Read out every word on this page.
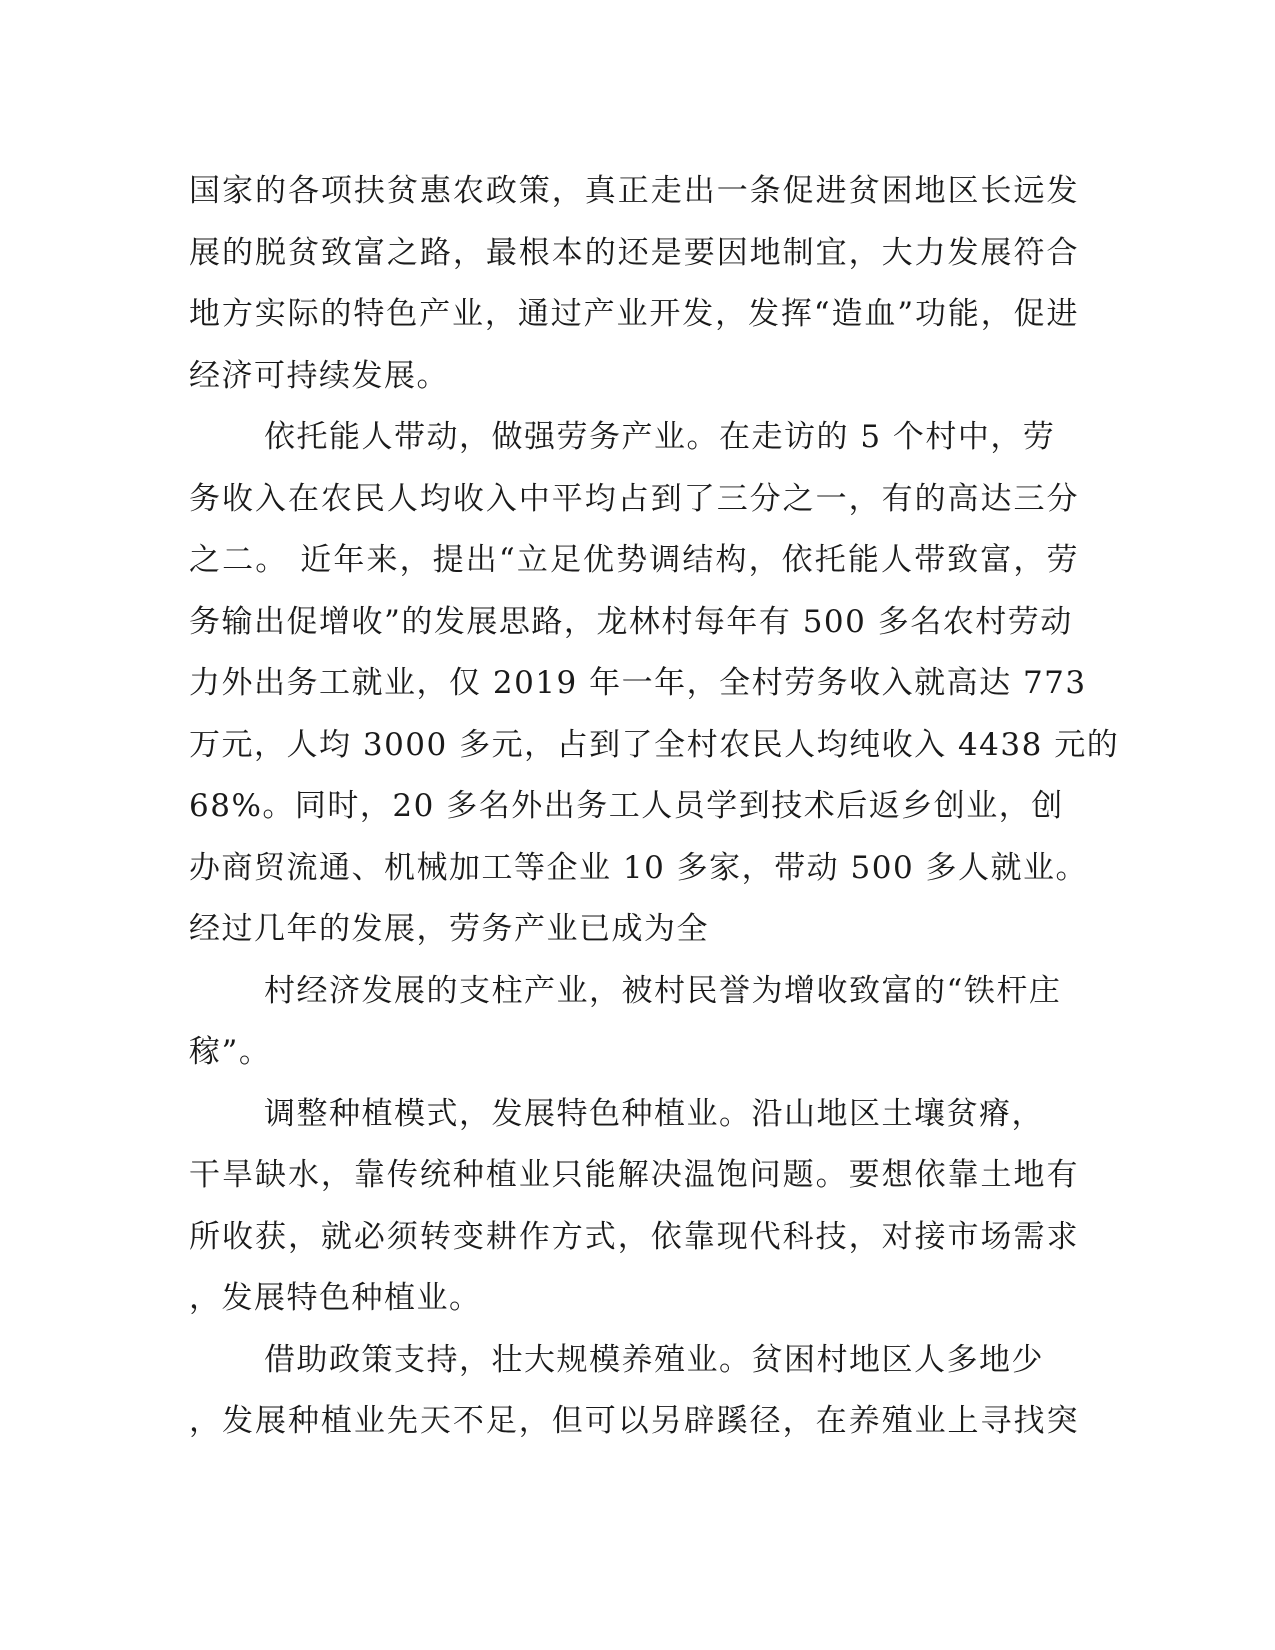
国家的各项扶贫惠农政策，真正走出一条促进贫困地区长远发
展的脱贫致富之路，最根本的还是要因地制宜，大力发展符合
地方实际的特色产业，通过产业开发，发挥“造血”功能，促进
经济可持续发展。
依托能人带动，做强劳务产业。在走访的 5 个村中，劳
务收入在农民人均收入中平均占到了三分之一，有的高达三分
之二。 近年来，提出“立足优势调结构，依托能人带致富，劳
务输出促增收”的发展思路，龙林村每年有 500 多名农村劳动
力外出务工就业，仅 2019 年一年，全村劳务收入就高达 773
万元，人均 3000 多元，占到了全村农民人均纯收入 4438 元的
68%。同时，20 多名外出务工人员学到技术后返乡创业，创
办商贸流通、机械加工等企业 10 多家，带动 500 多人就业。
经过几年的发展，劳务产业已成为全
村经济发展的支柱产业，被村民誉为增收致富的“铁杆庄
稼”。
调整种植模式，发展特色种植业。沿山地区土壤贫瘠，
干旱缺水，靠传统种植业只能解决温饱问题。要想依靠土地有
所收获，就必须转变耕作方式，依靠现代科技，对接市场需求
，发展特色种植业。
借助政策支持，壮大规模养殖业。贫困村地区人多地少
，发展种植业先天不足，但可以另辟蹊径，在养殖业上寻找突
